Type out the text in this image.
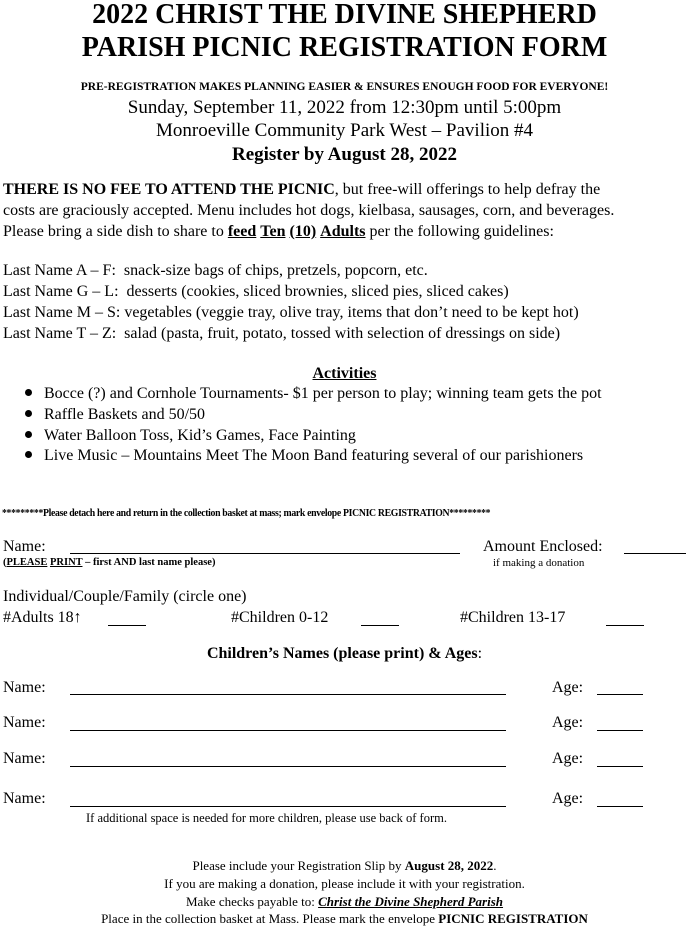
2022 CHRIST THE DIVINE SHEPHERD
PARISH PICNIC REGISTRATION FORM
PRE-REGISTRATION MAKES PLANNING EASIER & ENSURES ENOUGH FOOD FOR EVERYONE!
Sunday, September 11, 2022 from 12:30pm until 5:00pm
Monroeville Community Park West – Pavilion #4
Register by August 28, 2022
THERE IS NO FEE TO ATTEND THE PICNIC, but free-will offerings to help defray the
costs are graciously accepted. Menu includes hot dogs, kielbasa, sausages, corn, and beverages.
Please bring a side dish to share to feed Ten (10) Adults per the following guidelines:
Last Name A – F: snack-size bags of chips, pretzels, popcorn, etc.
Last Name G – L: desserts (cookies, sliced brownies, sliced pies, sliced cakes)
Last Name M – S: vegetables (veggie tray, olive tray, items that don’t need to be kept hot)
Last Name T – Z: salad (pasta, fruit, potato, tossed with selection of dressings on side)
Activities
Bocce (?) and Cornhole Tournaments- $1 per person to play; winning team gets the pot
Raffle Baskets and 50/50
Water Balloon Toss, Kid’s Games, Face Painting
Live Music – Mountains Meet The Moon Band featuring several of our parishioners
*********Please detach here and return in the collection basket at mass; mark envelope PICNIC REGISTRATION*********
Name:	Amount Enclosed:
(PLEASE PRINT – first AND last name please)	if making a donation
Individual/Couple/Family (circle one)
#Adults 18↑	#Children 0-12	#Children 13-17
Children’s Names (please print) & Ages:
Name:	Age:
Name:	Age:
Name:	Age:
Name:	Age:
If additional space is needed for more children, please use back of form.
Please include your Registration Slip by August 28, 2022.
If you are making a donation, please include it with your registration.
Make checks payable to: Christ the Divine Shepherd Parish
Place in the collection basket at Mass. Please mark the envelope PICNIC REGISTRATION
